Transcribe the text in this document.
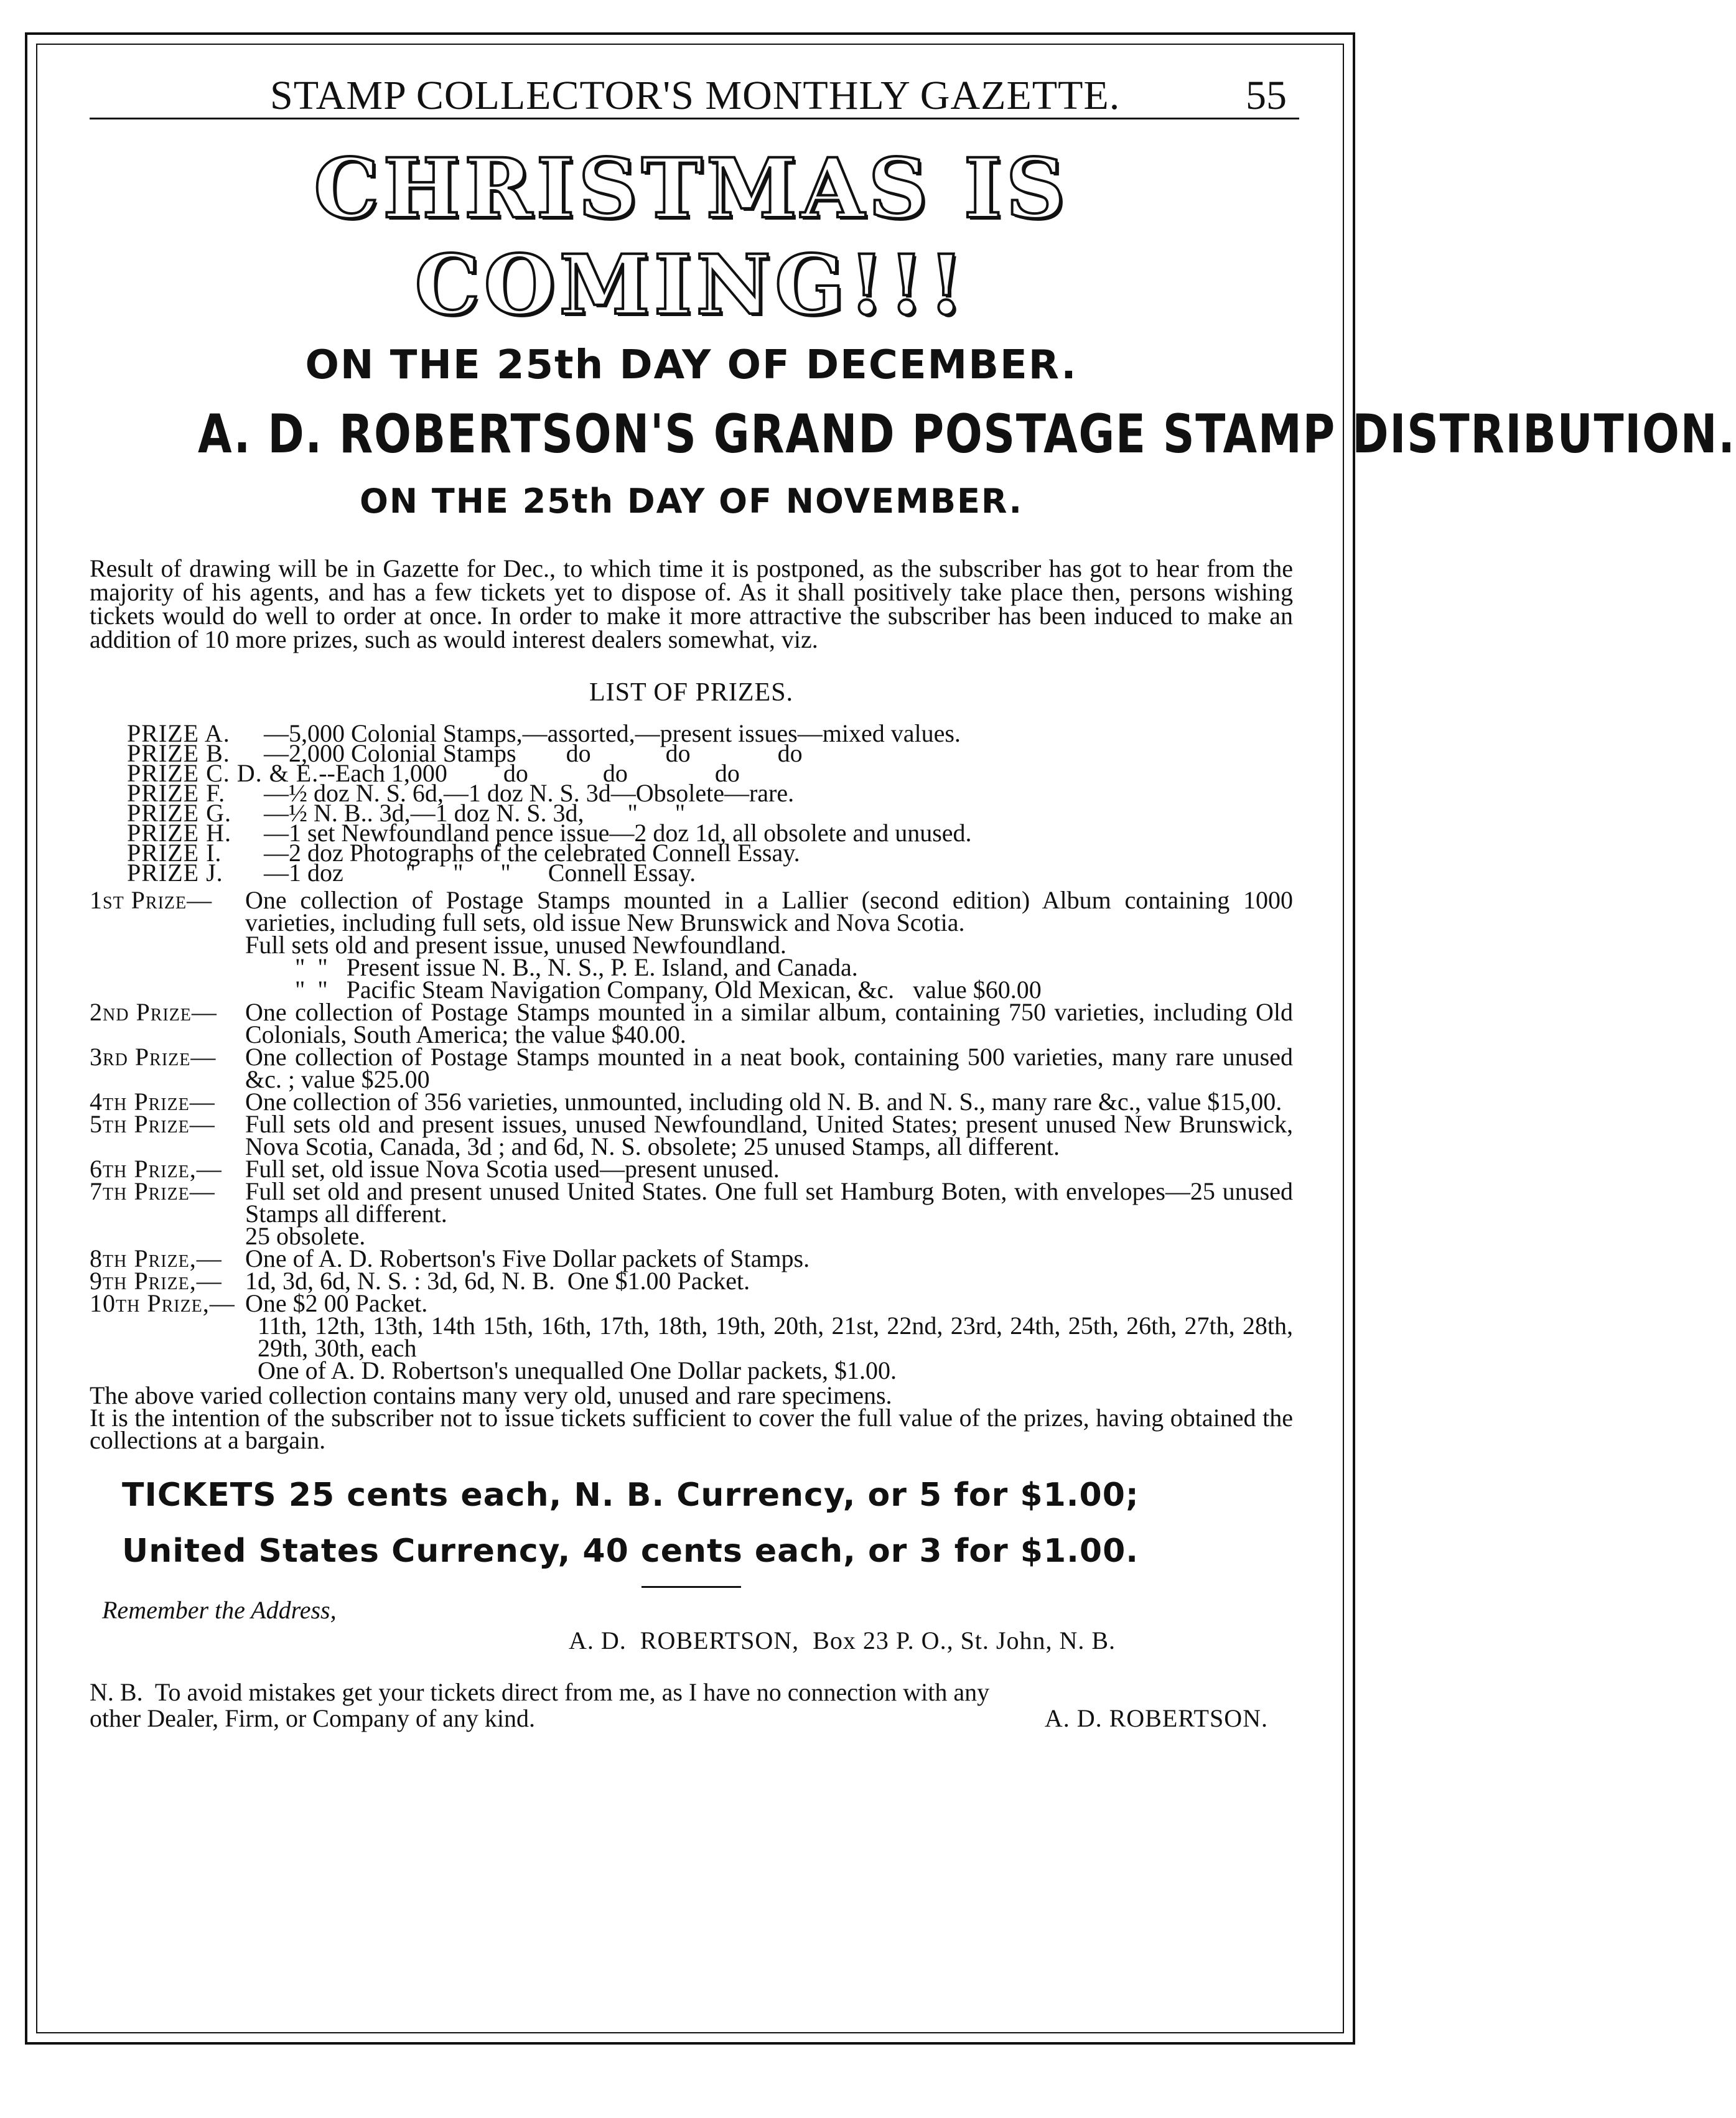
STAMP COLLECTOR'S MONTHLY GAZETTE.	55
CHRISTMAS IS COMING!!!
ON THE 25th DAY OF DECEMBER.
A. D. ROBERTSON'S GRAND POSTAGE STAMP DISTRIBUTION.
ON THE 25th DAY OF NOVEMBER.
Result of drawing will be in Gazette for Dec., to which time it is postponed, as the subscriber has got to hear from the majority of his agents, and has a few tickets yet to dispose of. As it shall positively take place then, persons wishing tickets would do well to order at once. In order to make it more attractive the subscriber has been induced to make an addition of 10 more prizes, such as would interest dealers somewhat, viz.
LIST OF PRIZES.
PRIZE A.	—5,000 Colonial Stamps,—assorted,—present issues—mixed values.
PRIZE B.	—2,000 Colonial Stamps        do            do              do
PRIZE C. D. & E. --Each 1,000         do            do              do
PRIZE F.	—½ doz N. S. 6d,—1 doz N. S. 3d—Obsolete—rare.
PRIZE G.	—½ N. B.. 3d,—1 doz N. S. 3d,       "      "
PRIZE H.	—1 set Newfoundland pence issue—2 doz 1d, all obsolete and unused.
PRIZE I.	—2 doz Photographs of the celebrated Connell Essay.
PRIZE J.	—1 doz          "      "      "      Connell Essay.
1st Prize—	One collection of Postage Stamps mounted in a Lallier (second edition) Album containing 1000 varieties, including full sets, old issue New Brunswick and Nova Scotia.
Full sets old and present issue, unused Newfoundland.
"  "   Present issue N. B., N. S., P. E. Island, and Canada.
"  "   Pacific Steam Navigation Company, Old Mexican, &c.   value $60.00
2nd Prize—	One collection of Postage Stamps mounted in a similar album, containing 750 varieties, including Old Colonials, South America; the value $40.00.
3rd Prize—	One collection of Postage Stamps mounted in a neat book, containing 500 varieties, many rare unused &c. ; value $25.00
4th Prize—	One collection of 356 varieties, unmounted, including old N. B. and N. S., many rare &c., value $15,00.
5th Prize—	Full sets old and present issues, unused Newfoundland, United States; present unused New Brunswick, Nova Scotia, Canada, 3d ; and 6d, N. S. obsolete; 25 unused Stamps, all different.
6th Prize,— Full set, old issue Nova Scotia used—present unused.
7th Prize—	Full set old and present unused United States. One full set Hamburg Boten, with envelopes—25 unused Stamps all different.
25 obsolete.
8th Prize,— One of A. D. Robertson's Five Dollar packets of Stamps.
9th Prize,— 1d, 3d, 6d, N. S. : 3d, 6d, N. B.  One $1.00 Packet.
10th Prize,— One $2 00 Packet.
11th, 12th, 13th, 14th 15th, 16th, 17th, 18th, 19th, 20th, 21st, 22nd, 23rd, 24th, 25th, 26th, 27th, 28th, 29th, 30th, each
One of A. D. Robertson's unequalled One Dollar packets, $1.00.
The above varied collection contains many very old, unused and rare specimens.
It is the intention of the subscriber not to issue tickets sufficient to cover the full value of the prizes, having obtained the collections at a bargain.
TICKETS 25 cents each, N. B. Currency, or 5 for $1.00;
United States Currency, 40 cents each, or 3 for $1.00.
Remember the Address,
A. D.  ROBERTSON,  Box 23 P. O., St. John, N. B.
N. B.  To avoid mistakes get your tickets direct from me, as I have no connection with any
other Dealer, Firm, or Company of any kind.	A. D. ROBERTSON.
